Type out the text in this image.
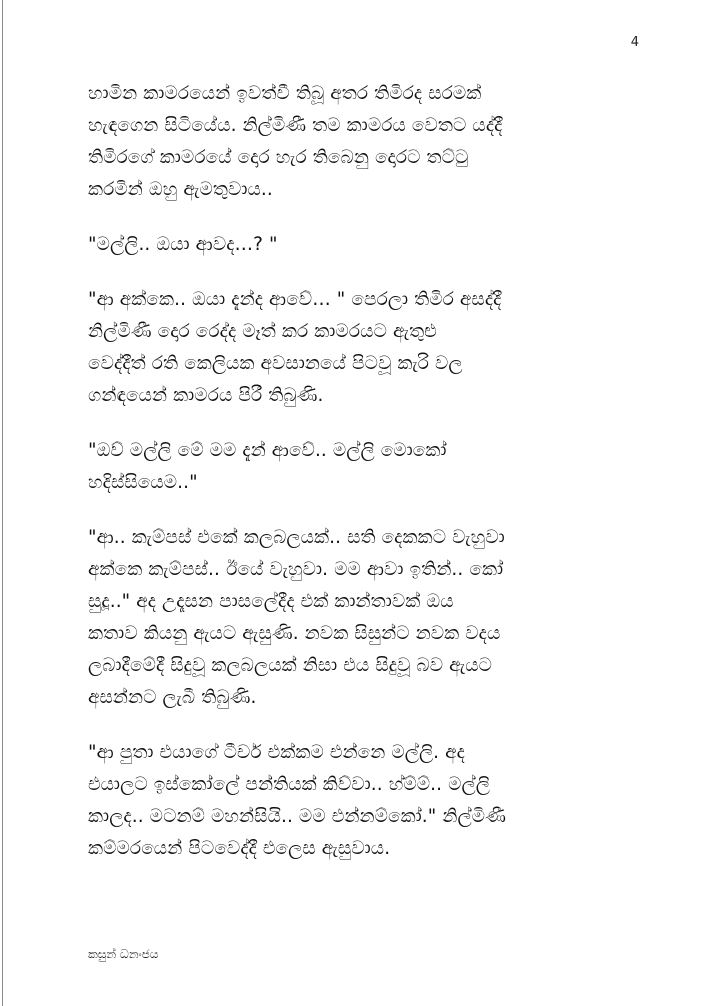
4

හාමින කාමරයෙන් ඉවත්වී තිබූ අතර තිමිරද සරමක්
හැඳගෙන සිටියේය. නිල්මිණී තම කාමරය වෙතට යද්දී
තිමිරගේ කාමරයේ දොර හැර තිබෙනු දොරට තට්ටු
කරමින් ඔහු ඇමතුවාය..

"මල්ලි.. ඔයා ආවද…? "

"ආ අක්කෙ.. ඔයා දැන්ද ආවේ… " පෙරලා තිමිර අසද්දී
නිල්මිණී දොර රෙද්ද මෑත් කර කාමරයට ඇතුළු
වෙද්දීත් රති කෙලියක අවසානයේ පිටවූ කැරි වල
ගන්ඳයෙන් කාමරය පිරී තිබුණි.

"ඔව් මල්ලි මේ මම දැන් ආවේ.. මල්ලි මොකෝ
හදිස්සියෙම.."

"ආ.. කැම්පස් එකේ කලබලයක්.. සති දෙකකට වැහුවා
අක්කෙ කැම්පස්.. ඊයේ වැහුවා. මම ආවා ඉතින්.. කෝ
සුදූ.." අද උදෑසන පාසලේදීද එක් කාන්තාවක් ඔය
කතාව කියනු ඇයට ඇසුණි. නවක සිසුන්ට නවක වදය
ලබාදීමේදී සිදුවූ කලබලයක් නිසා එය සිදුවූ බව ඇයට
අසන්නට ලැබී තිබුණි.

"ආ පුතා එයාගේ ටීචර් එක්කම එන්නෙ මල්ලි. අද
එයාලට ඉස්කෝලේ පන්තියක් කිව්වා.. හ්ම්ම්.. මල්ලි
කාලද.. මටනම් මහන්සියි.. මම එන්නම්කෝ." නිල්මිණී
කම්මරයෙන් පිටවෙද්දී එලෙස ඇසුවාය.

කසුන් ධනංජය
